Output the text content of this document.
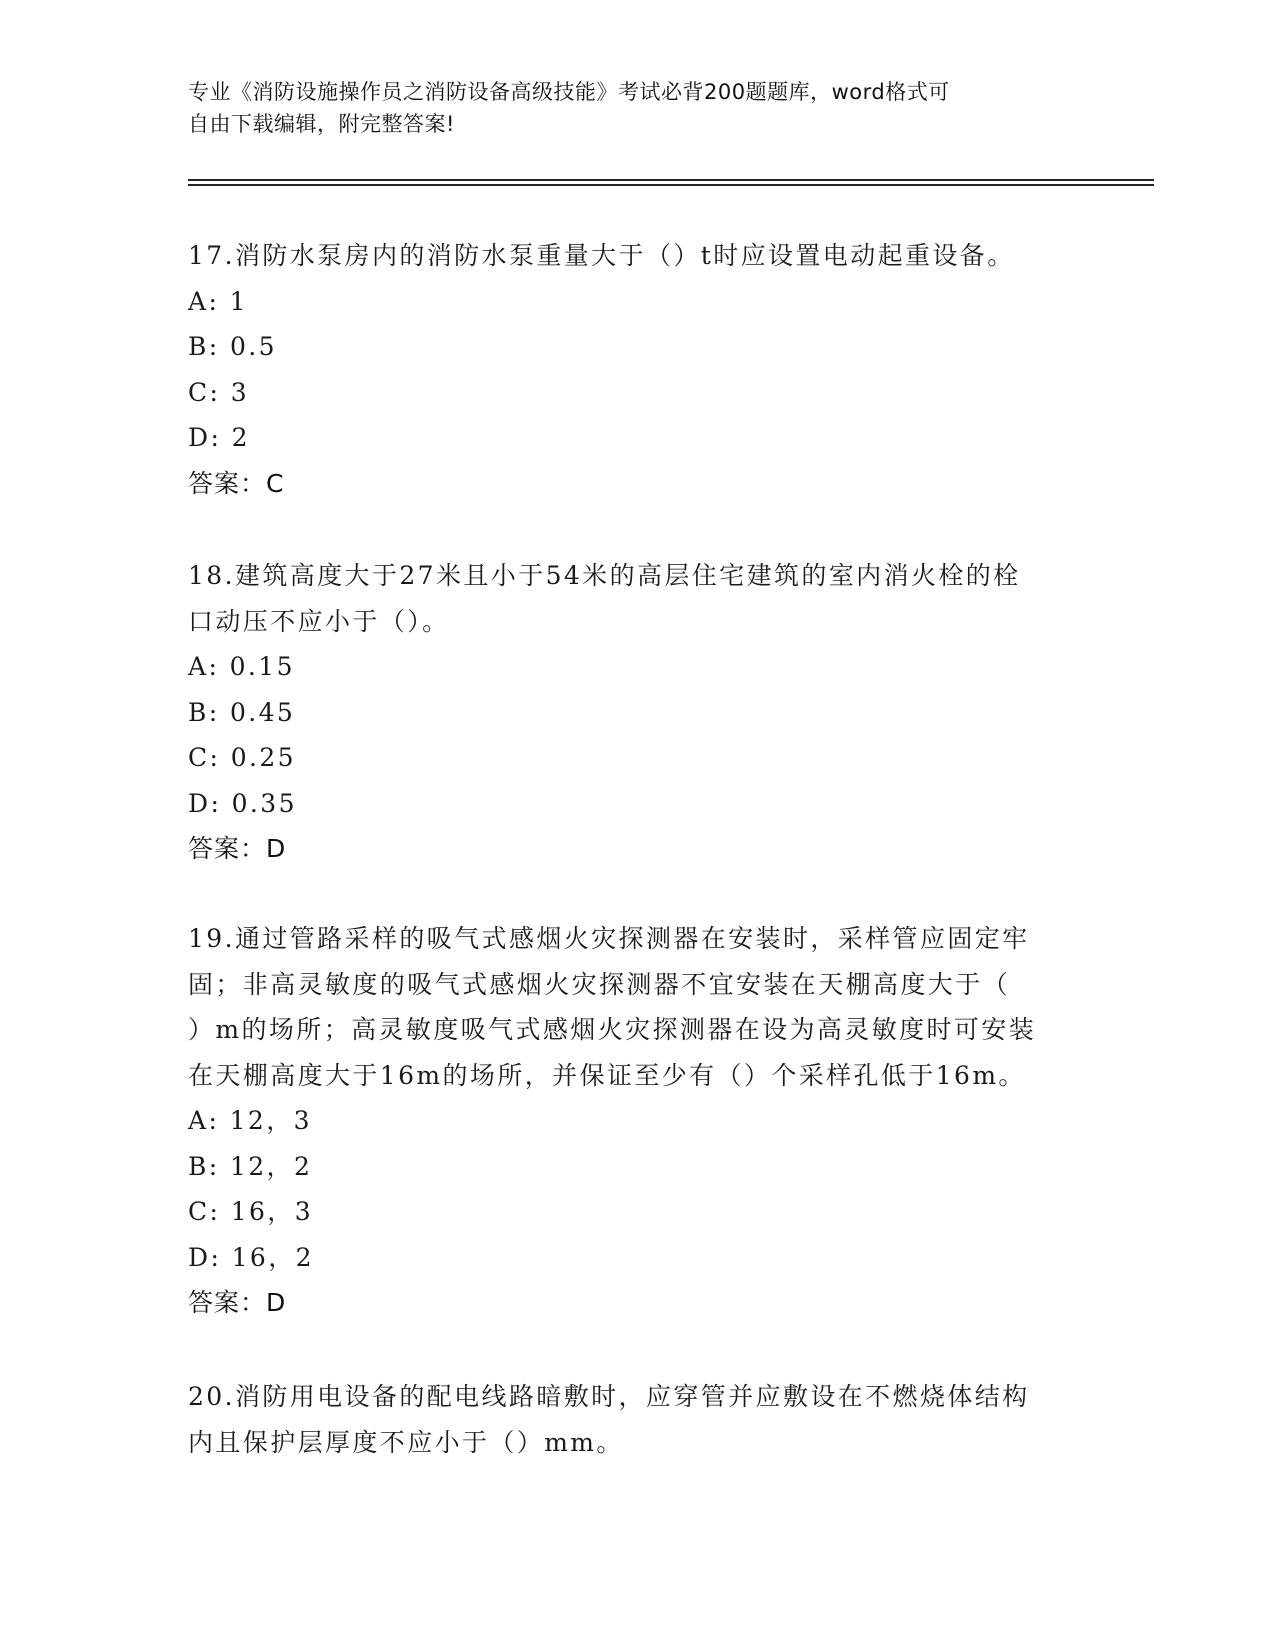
专业《消防设施操作员之消防设备高级技能》考试必背200题题库，word格式可
自由下载编辑，附完整答案!

17.消防水泵房内的消防水泵重量大于（）t时应设置电动起重设备。

A: 1

B: 0.5

C: 3

D: 2

答案：C

18.建筑高度大于27米且小于54米的高层住宅建筑的室内消火栓的栓

口动压不应小于（）。

A: 0.15

B: 0.45

C: 0.25

D: 0.35

答案：D

19.通过管路采样的吸气式感烟火灾探测器在安装时，采样管应固定牢

固；非高灵敏度的吸气式感烟火灾探测器不宜安装在天棚高度大于（

）m的场所；高灵敏度吸气式感烟火灾探测器在设为高灵敏度时可安装

在天棚高度大于16m的场所，并保证至少有（）个采样孔低于16m。

A: 12，3

B: 12，2

C: 16，3

D: 16，2

答案：D

20.消防用电设备的配电线路暗敷时，应穿管并应敷设在不燃烧体结构

内且保护层厚度不应小于（）mm。
